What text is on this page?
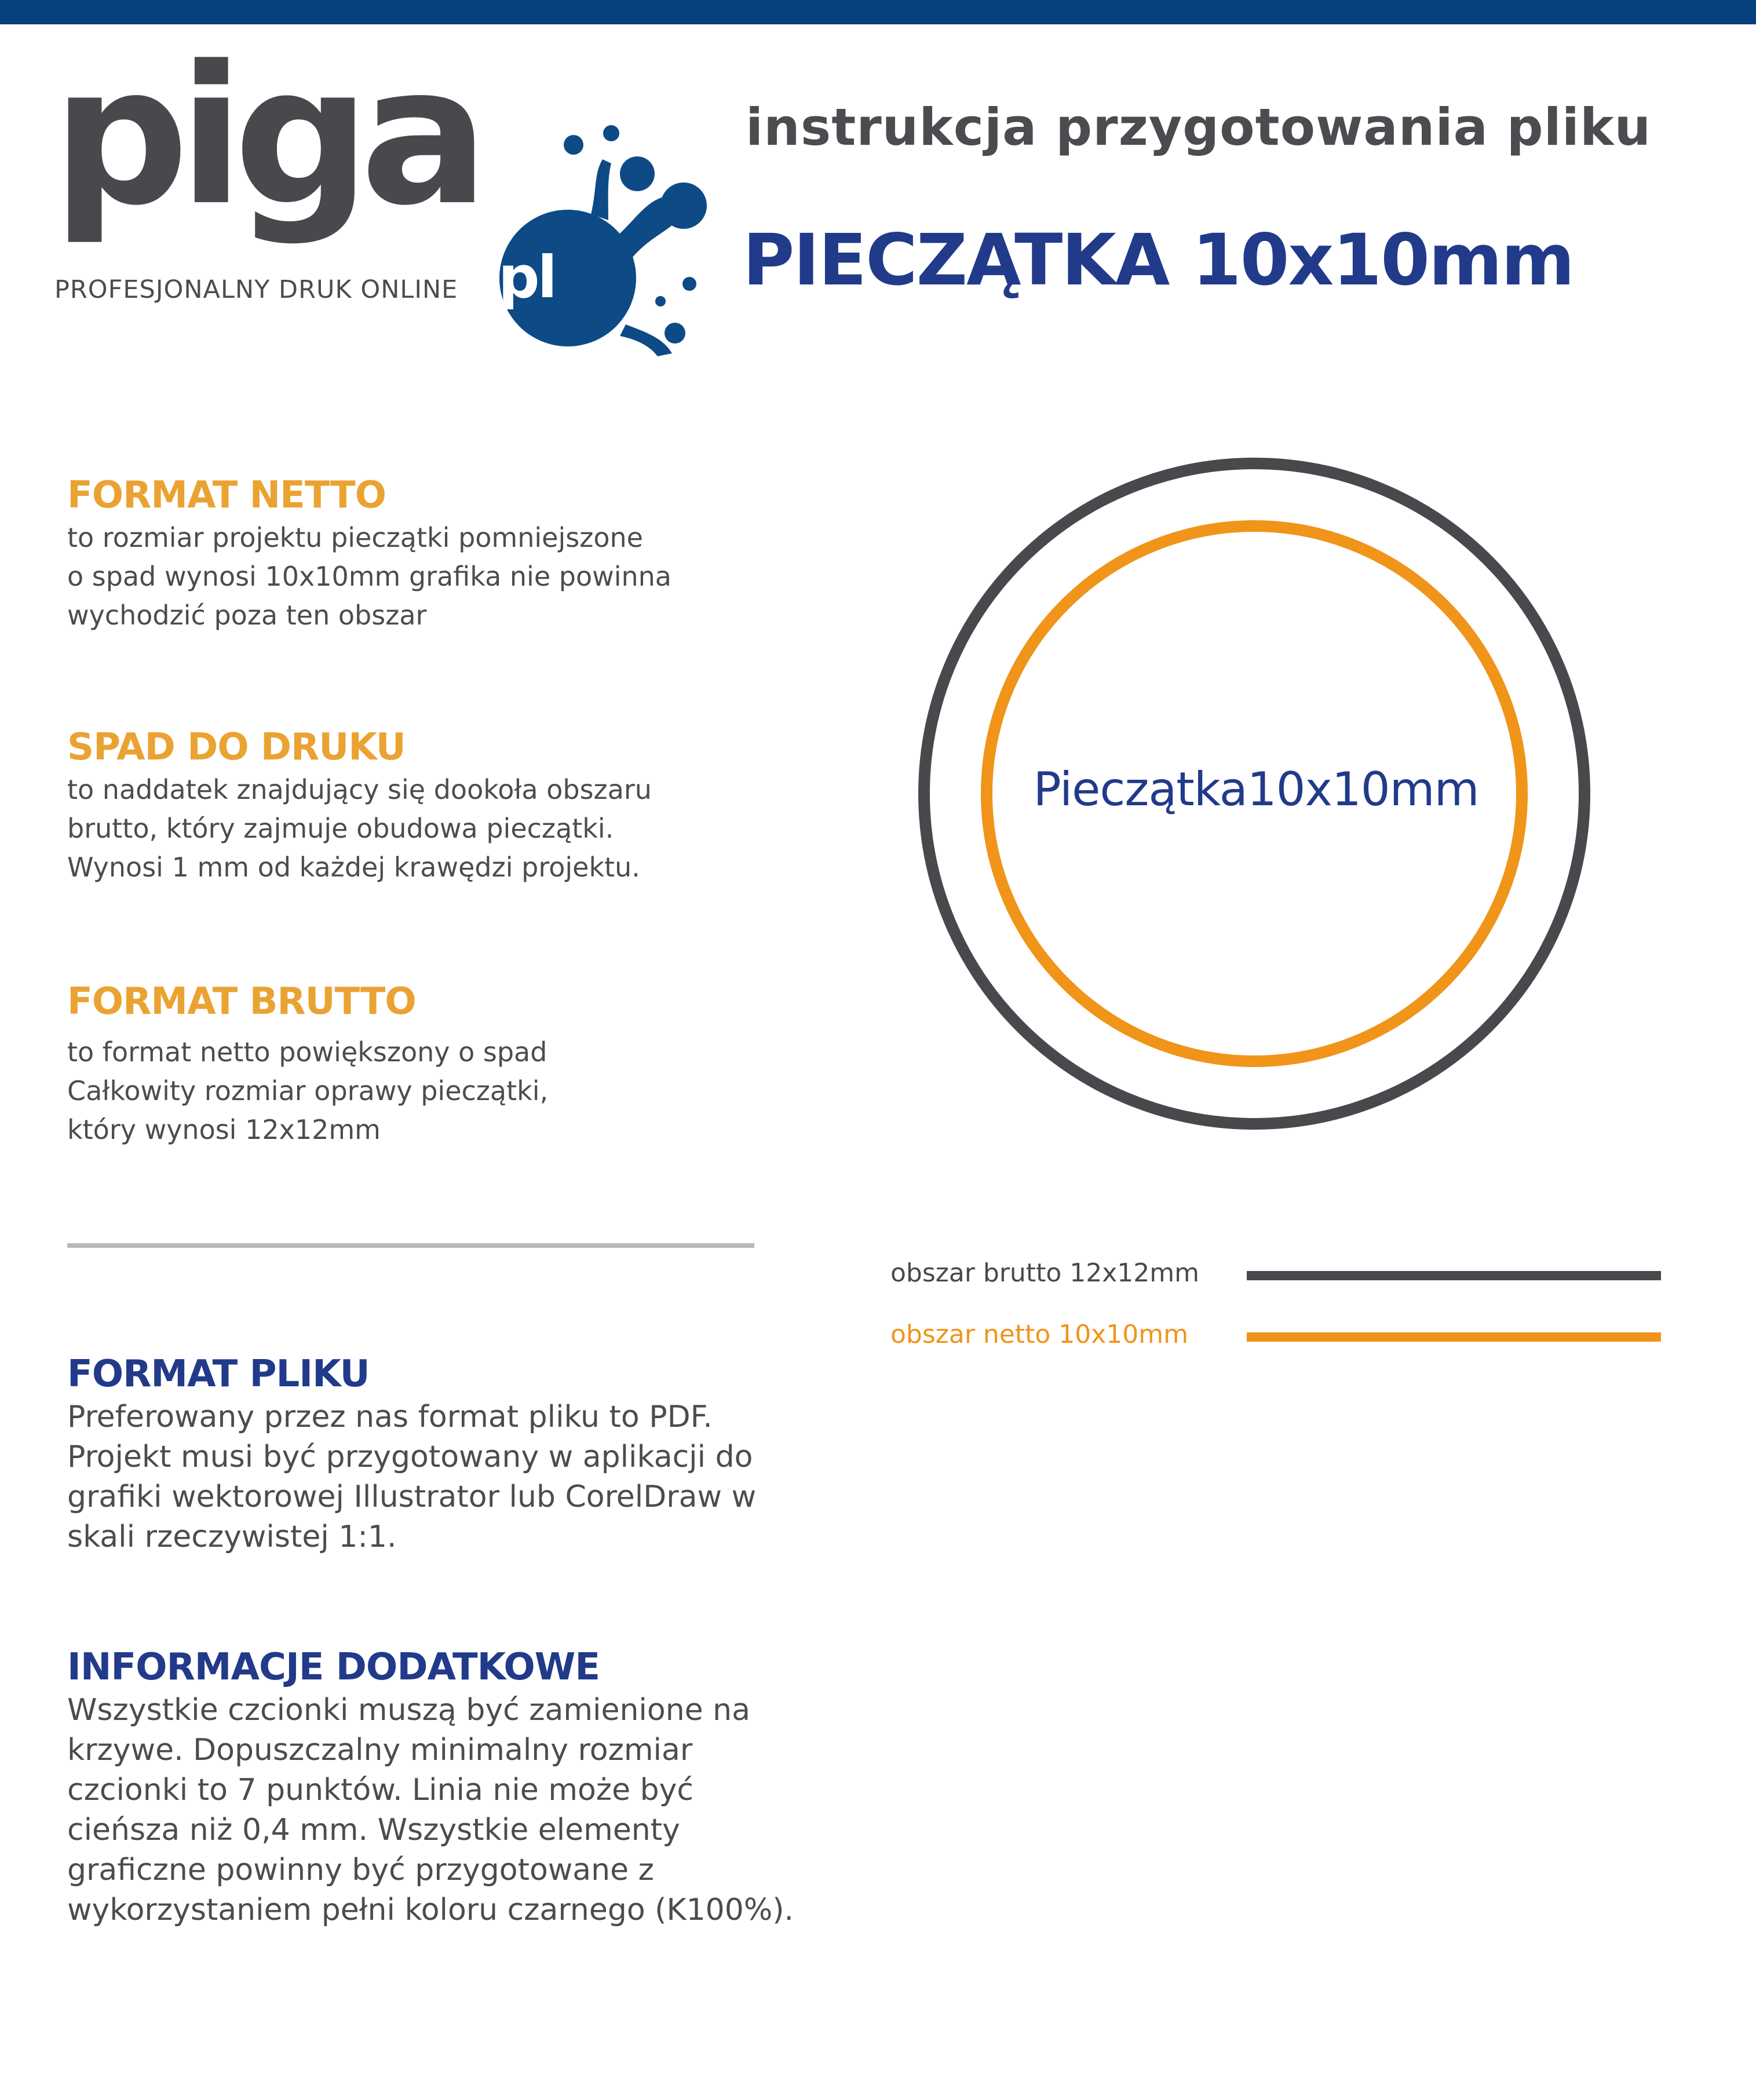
piga
pl
PROFESJONALNY DRUK ONLINE
instrukcja przygotowania pliku
PIECZĄTKA 10x10mm
FORMAT NETTO
to rozmiar projektu pieczątki pomniejszone
o spad wynosi 10x10mm grafika nie powinna
wychodzić poza ten obszar
SPAD DO DRUKU
to naddatek znajdujący się dookoła obszaru
brutto, który zajmuje obudowa pieczątki.
Wynosi 1 mm od każdej krawędzi projektu.
FORMAT BRUTTO
to format netto powiększony o spad
Całkowity rozmiar oprawy pieczątki,
który wynosi 12x12mm
FORMAT PLIKU
Preferowany przez nas format pliku to PDF.
Projekt musi być przygotowany w aplikacji do
grafiki wektorowej Illustrator lub CorelDraw w
skali rzeczywistej 1:1.
INFORMACJE DODATKOWE
Wszystkie czcionki muszą być zamienione na
krzywe. Dopuszczalny minimalny rozmiar
czcionki to 7 punktów. Linia nie może być
cieńsza niż 0,4 mm. Wszystkie elementy
graficzne powinny być przygotowane z
wykorzystaniem pełni koloru czarnego (K100%).
Pieczątka10x10mm
obszar brutto 12x12mm
obszar netto 10x10mm
